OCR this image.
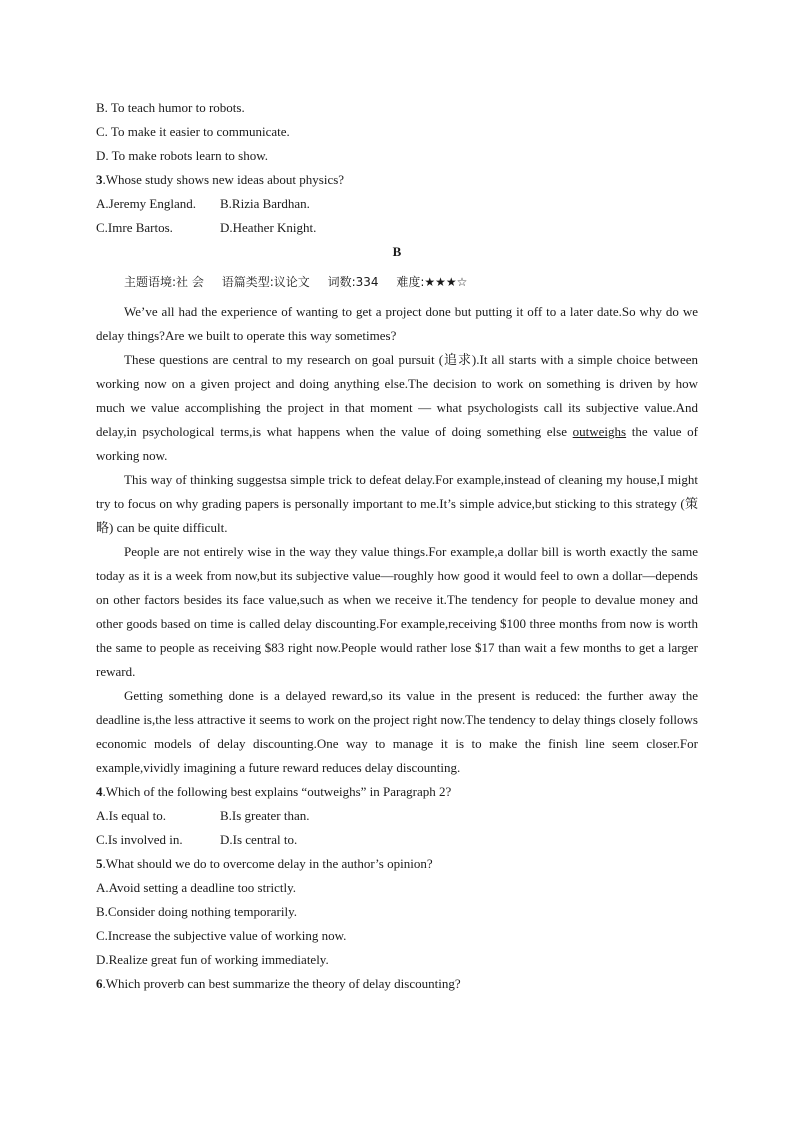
B. To teach humor to robots.
C. To make it easier to communicate.
D. To make robots learn to show.
3.Whose study shows new ideas about physics?
A.Jeremy England. B.Rizia Bardhan.
C.Imre Bartos.	D.Heather Knight.
B
主题语境:社 会 语篇类型:议论文 词数:334 难度:★★★☆

We’ve all had the experience of wanting to get a project done but putting it off to a later date.So why do we delay things?Are we built to operate this way sometimes?

These questions are central to my research on goal pursuit (追求).It all starts with a simple choice between working now on a given project and doing anything else.The decision to work on something is driven by how much we value accomplishing the project in that moment — what psychologists call its subjective value.And delay,in psychological terms,is what happens when the value of doing something else outweighs the value of working now.

This way of thinking suggestsa simple trick to defeat delay.For example,instead of cleaning my house,I might try to focus on why grading papers is personally important to me.It’s simple advice,but sticking to this strategy (策略) can be quite difficult.

People are not entirely wise in the way they value things.For example,a dollar bill is worth exactly the same today as it is a week from now,but its subjective value—roughly how good it would feel to own a dollar—depends on other factors besides its face value,such as when we receive it.The tendency for people to devalue money and other goods based on time is called delay discounting.For example,receiving $100 three months from now is worth the same to people as receiving $83 right now.People would rather lose $17 than wait a few months to get a larger reward.

Getting something done is a delayed reward,so its value in the present is reduced: the further away the deadline is,the less attractive it seems to work on the project right now.The tendency to delay things closely follows economic models of delay discounting.One way to manage it is to make the finish line seem closer.For example,vividly imagining a future reward reduces delay discounting.

4.Which of the following best explains “outweighs” in Paragraph 2?
A.Is equal to.	B.Is greater than.
C.Is involved in.	D.Is central to.
5.What should we do to overcome delay in the author’s opinion?
A.Avoid setting a deadline too strictly.
B.Consider doing nothing temporarily.
C.Increase the subjective value of working now.
D.Realize great fun of working immediately.
6.Which proverb can best summarize the theory of delay discounting?
